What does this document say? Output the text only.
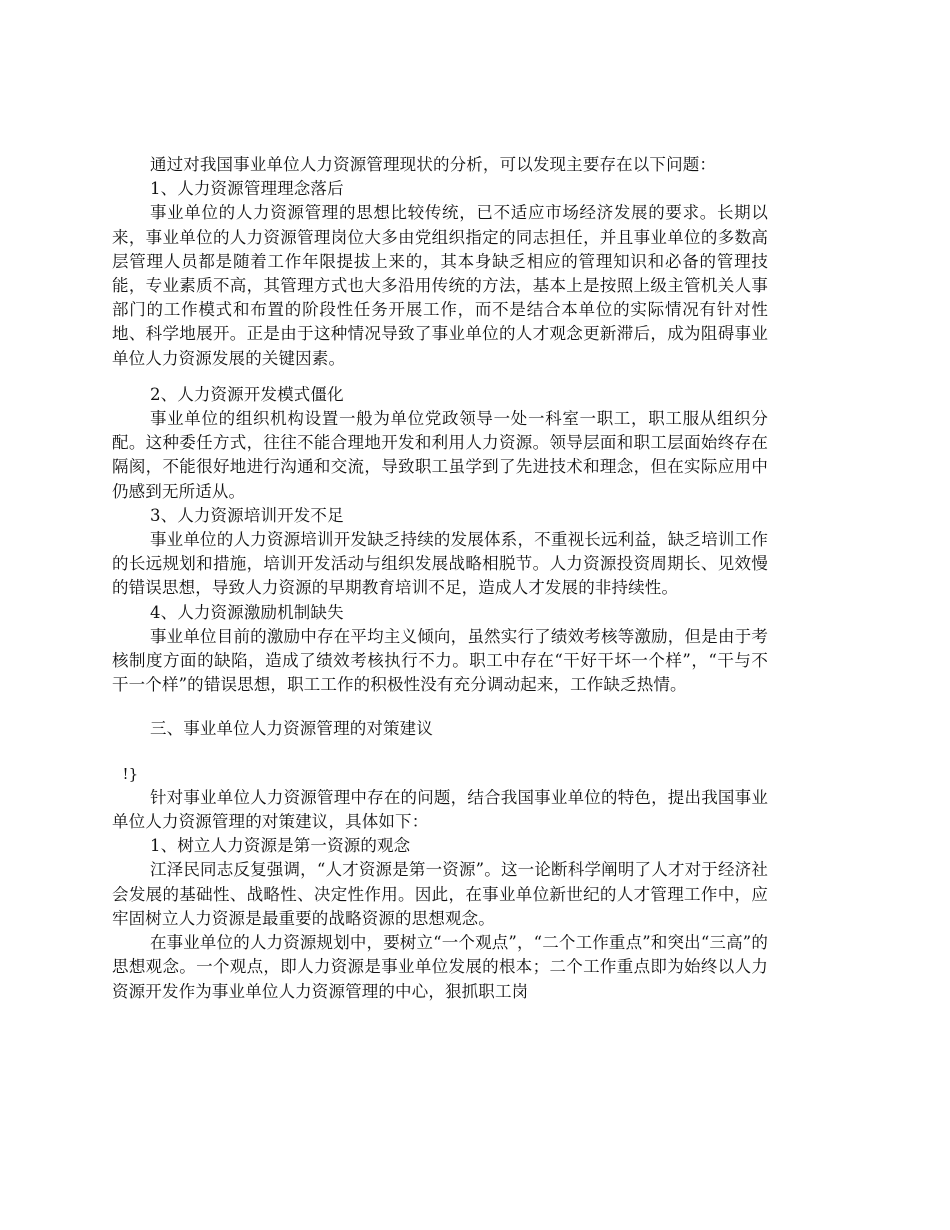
通过对我国事业单位人力资源管理现状的分析，可以发现主要存在以下问题：

1、人力资源管理理念落后

事业单位的人力资源管理的思想比较传统，已不适应市场经济发展的要求。长期以来，事业单位的人力资源管理岗位大多由党组织指定的同志担任，并且事业单位的多数高层管理人员都是随着工作年限提拔上来的，其本身缺乏相应的管理知识和必备的管理技能，专业素质不高，其管理方式也大多沿用传统的方法，基本上是按照上级主管机关人事部门的工作模式和布置的阶段性任务开展工作，而不是结合本单位的实际情况有针对性地、科学地展开。正是由于这种情况导致了事业单位的人才观念更新滞后，成为阻碍事业单位人力资源发展的关键因素。

2、人力资源开发模式僵化

事业单位的组织机构设置一般为单位党政领导一处一科室一职工，职工服从组织分配。这种委任方式，往往不能合理地开发和利用人力资源。领导层面和职工层面始终存在隔阂，不能很好地进行沟通和交流，导致职工虽学到了先进技术和理念，但在实际应用中仍感到无所适从。

3、人力资源培训开发不足

事业单位的人力资源培训开发缺乏持续的发展体系，不重视长远利益，缺乏培训工作的长远规划和措施，培训开发活动与组织发展战略相脱节。人力资源投资周期长、见效慢的错误思想，导致人力资源的早期教育培训不足，造成人才发展的非持续性。

4、人力资源激励机制缺失

事业单位目前的激励中存在平均主义倾向，虽然实行了绩效考核等激励，但是由于考核制度方面的缺陷，造成了绩效考核执行不力。职工中存在“干好干坏一个样”，“干与不干一个样”的错误思想，职工工作的积极性没有充分调动起来，工作缺乏热情。

三、事业单位人力资源管理的对策建议

!}

针对事业单位人力资源管理中存在的问题，结合我国事业单位的特色，提出我国事业单位人力资源管理的对策建议，具体如下：

1、树立人力资源是第一资源的观念

江泽民同志反复强调，“人才资源是第一资源”。这一论断科学阐明了人才对于经济社会发展的基础性、战略性、决定性作用。因此，在事业单位新世纪的人才管理工作中，应牢固树立人力资源是最重要的战略资源的思想观念。

在事业单位的人力资源规划中，要树立“一个观点”，“二个工作重点”和突出“三高”的思想观念。一个观点，即人力资源是事业单位发展的根本；二个工作重点即为始终以人力资源开发作为事业单位人力资源管理的中心，狠抓职工岗
